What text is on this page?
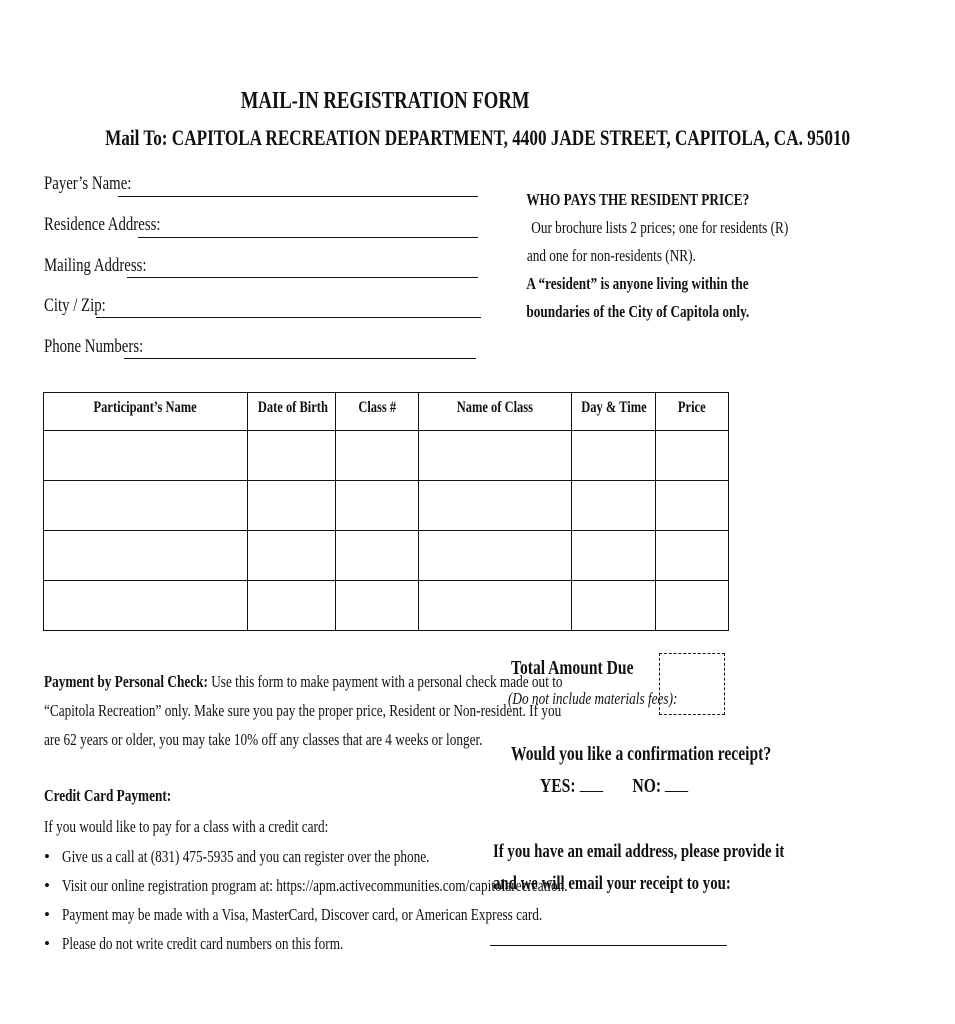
MAIL-IN REGISTRATION FORM
Mail To: CAPITOLA RECREATION DEPARTMENT, 4400 JADE STREET, CAPITOLA, CA. 95010
Payer’s Name:
Residence Address:
Mailing Address:
City / Zip:
Phone Numbers:
WHO PAYS THE RESIDENT PRICE?
Our brochure lists 2 prices; one for residents (R)
and one for non-residents (NR).
A “resident” is anyone living within the
boundaries of the City of Capitola only.
Participant’s Name	Date of Birth	Class #	Name of Class	Day & Time	Price

Payment by Personal Check: Use this form to make payment with a personal check made out to
“Capitola Recreation” only. Make sure you pay the proper price, Resident or Non-resident. If you
are 62 years or older, you may take 10% off any classes that are 4 weeks or longer.
Credit Card Payment:
If you would like to pay for a class with a credit card:
• Give us a call at (831) 475-5935 and you can register over the phone.
• Visit our online registration program at: https://apm.activecommunities.com/capitolarecreation.
• Payment may be made with a Visa, MasterCard, Discover card, or American Express card.
• Please do not write credit card numbers on this form.
Total Amount Due
(Do not include materials fees):
Would you like a confirmation receipt?
YES:	NO:
If you have an email address, please provide it
and we will email your receipt to you:
